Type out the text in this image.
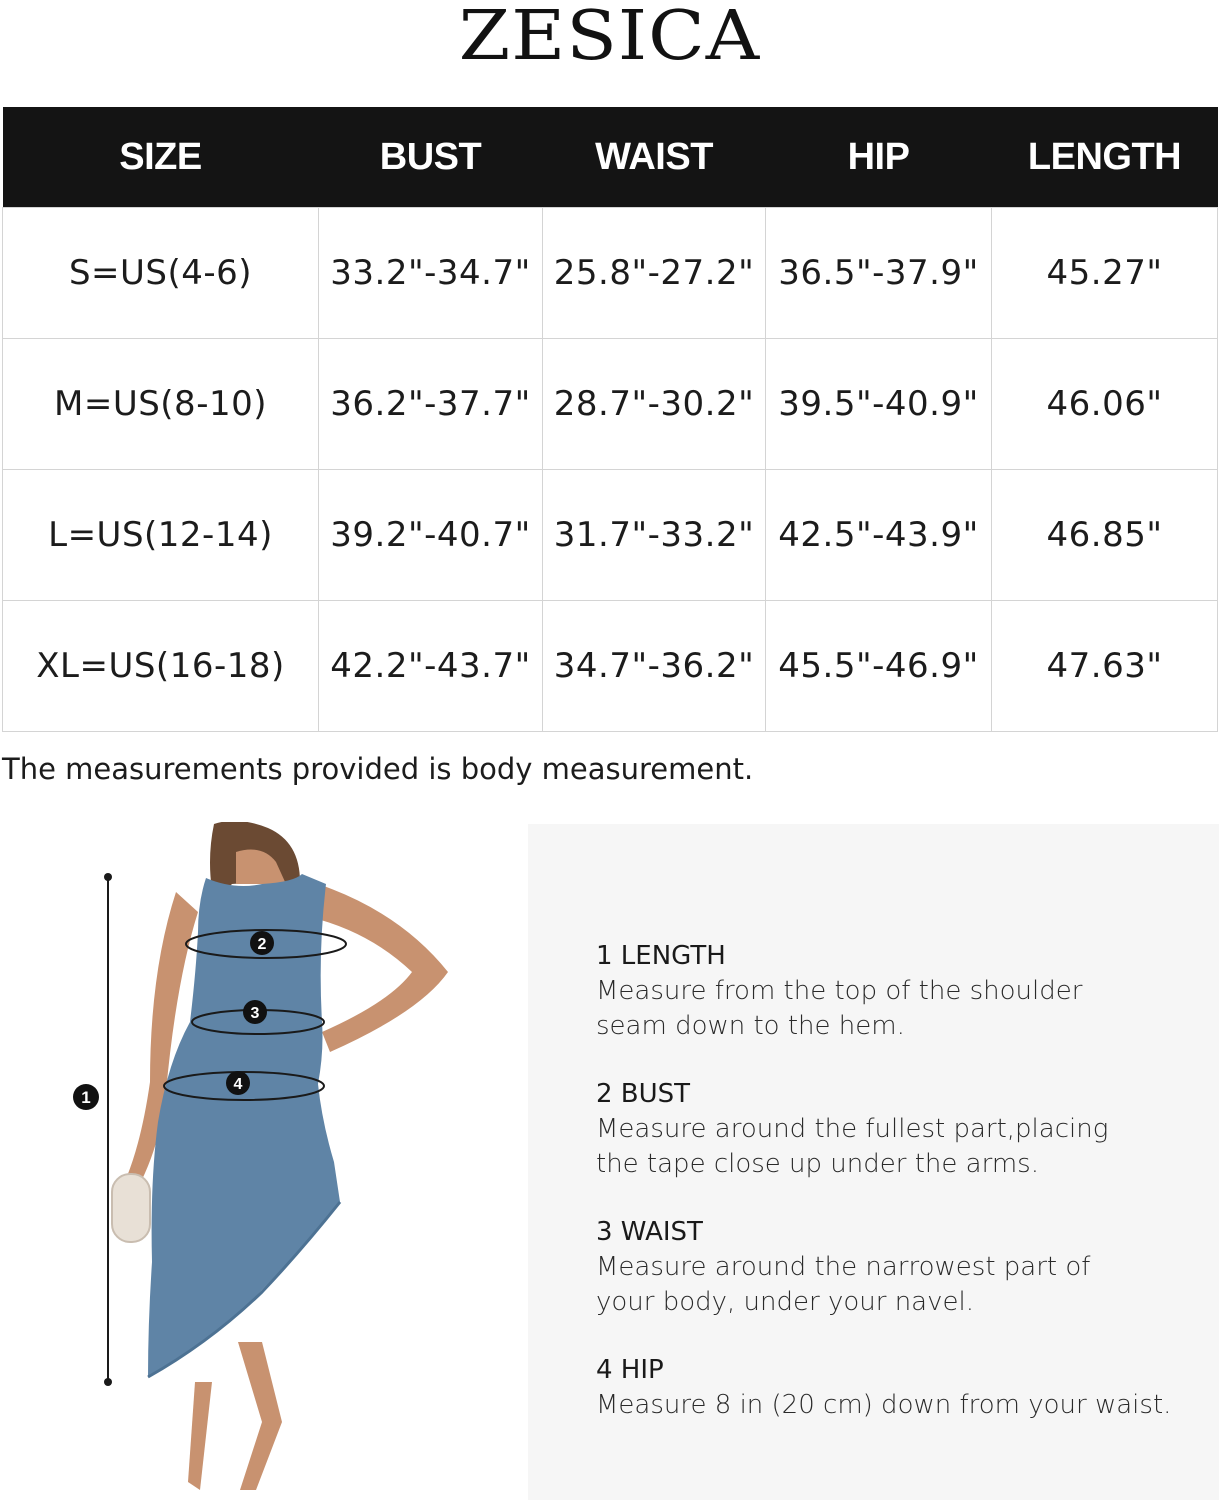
ZESICA
SIZE	BUST	WAIST	HIP	LENGTH
S=US(4-6)	33.2"-34.7"	25.8"-27.2"	36.5"-37.9"	45.27"
M=US(8-10)	36.2"-37.7"	28.7"-30.2"	39.5"-40.9"	46.06"
L=US(12-14)	39.2"-40.7"	31.7"-33.2"	42.5"-43.9"	46.85"
XL=US(16-18)	42.2"-43.7"	34.7"-36.2"	45.5"-46.9"	47.63"

The measurements provided is body measurement.

1
2
3
4

1 LENGTH

Measure from the top of the shoulder

seam down to the hem.

2 BUST

Measure around the fullest part,placing

the tape close up under the arms.

3 WAIST

Measure around the narrowest part of

your body, under your navel.

4 HIP

Measure 8 in (20 cm) down from your waist.
